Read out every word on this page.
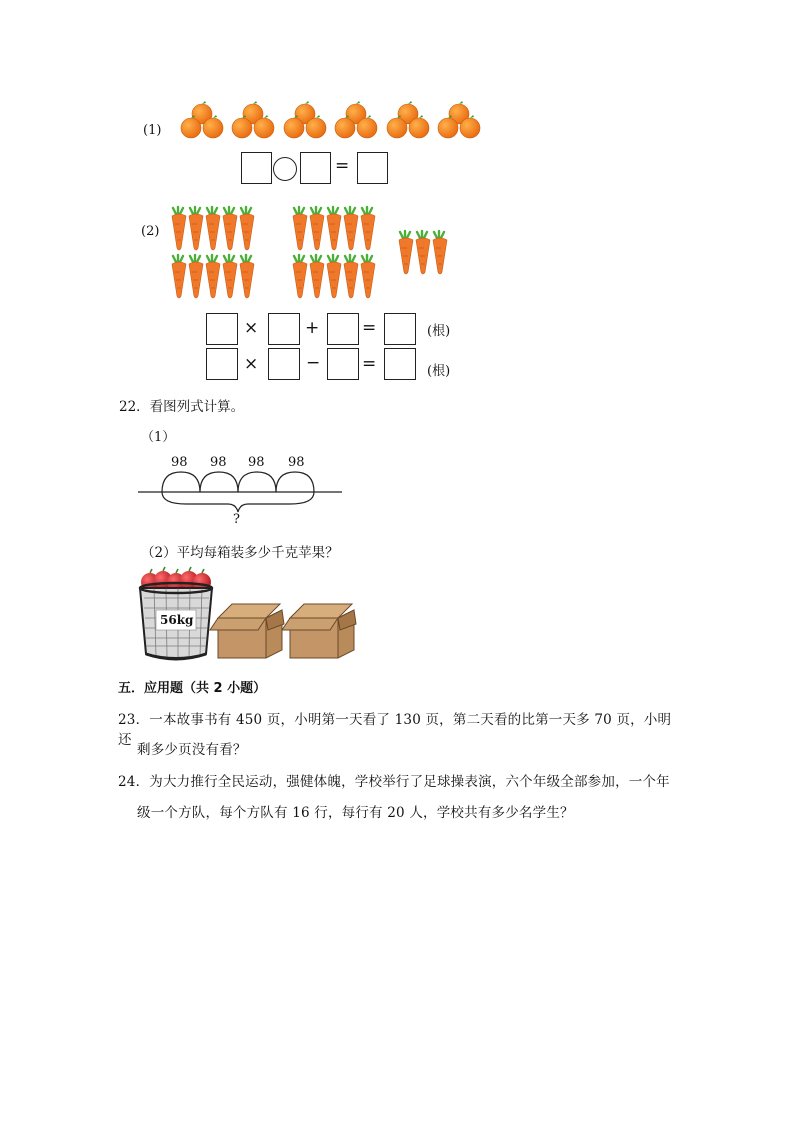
(1)
=
(2)
×	+	=	(根)
×	− =	(根)
22．看图列式计算。
（1）
98 98 98 98
?
（2）平均每箱装多少千克苹果？
56kg
五．应用题（共 2 小题）
23．一本故事书有 450 页，小明第一天看了 130 页，第二天看的比第一天多 70 页，小明还
剩多少页没有看？
24．为大力推行全民运动，强健体魄，学校举行了足球操表演，六个年级全部参加，一个年
级一个方队，每个方队有 16 行，每行有 20 人，学校共有多少名学生？
